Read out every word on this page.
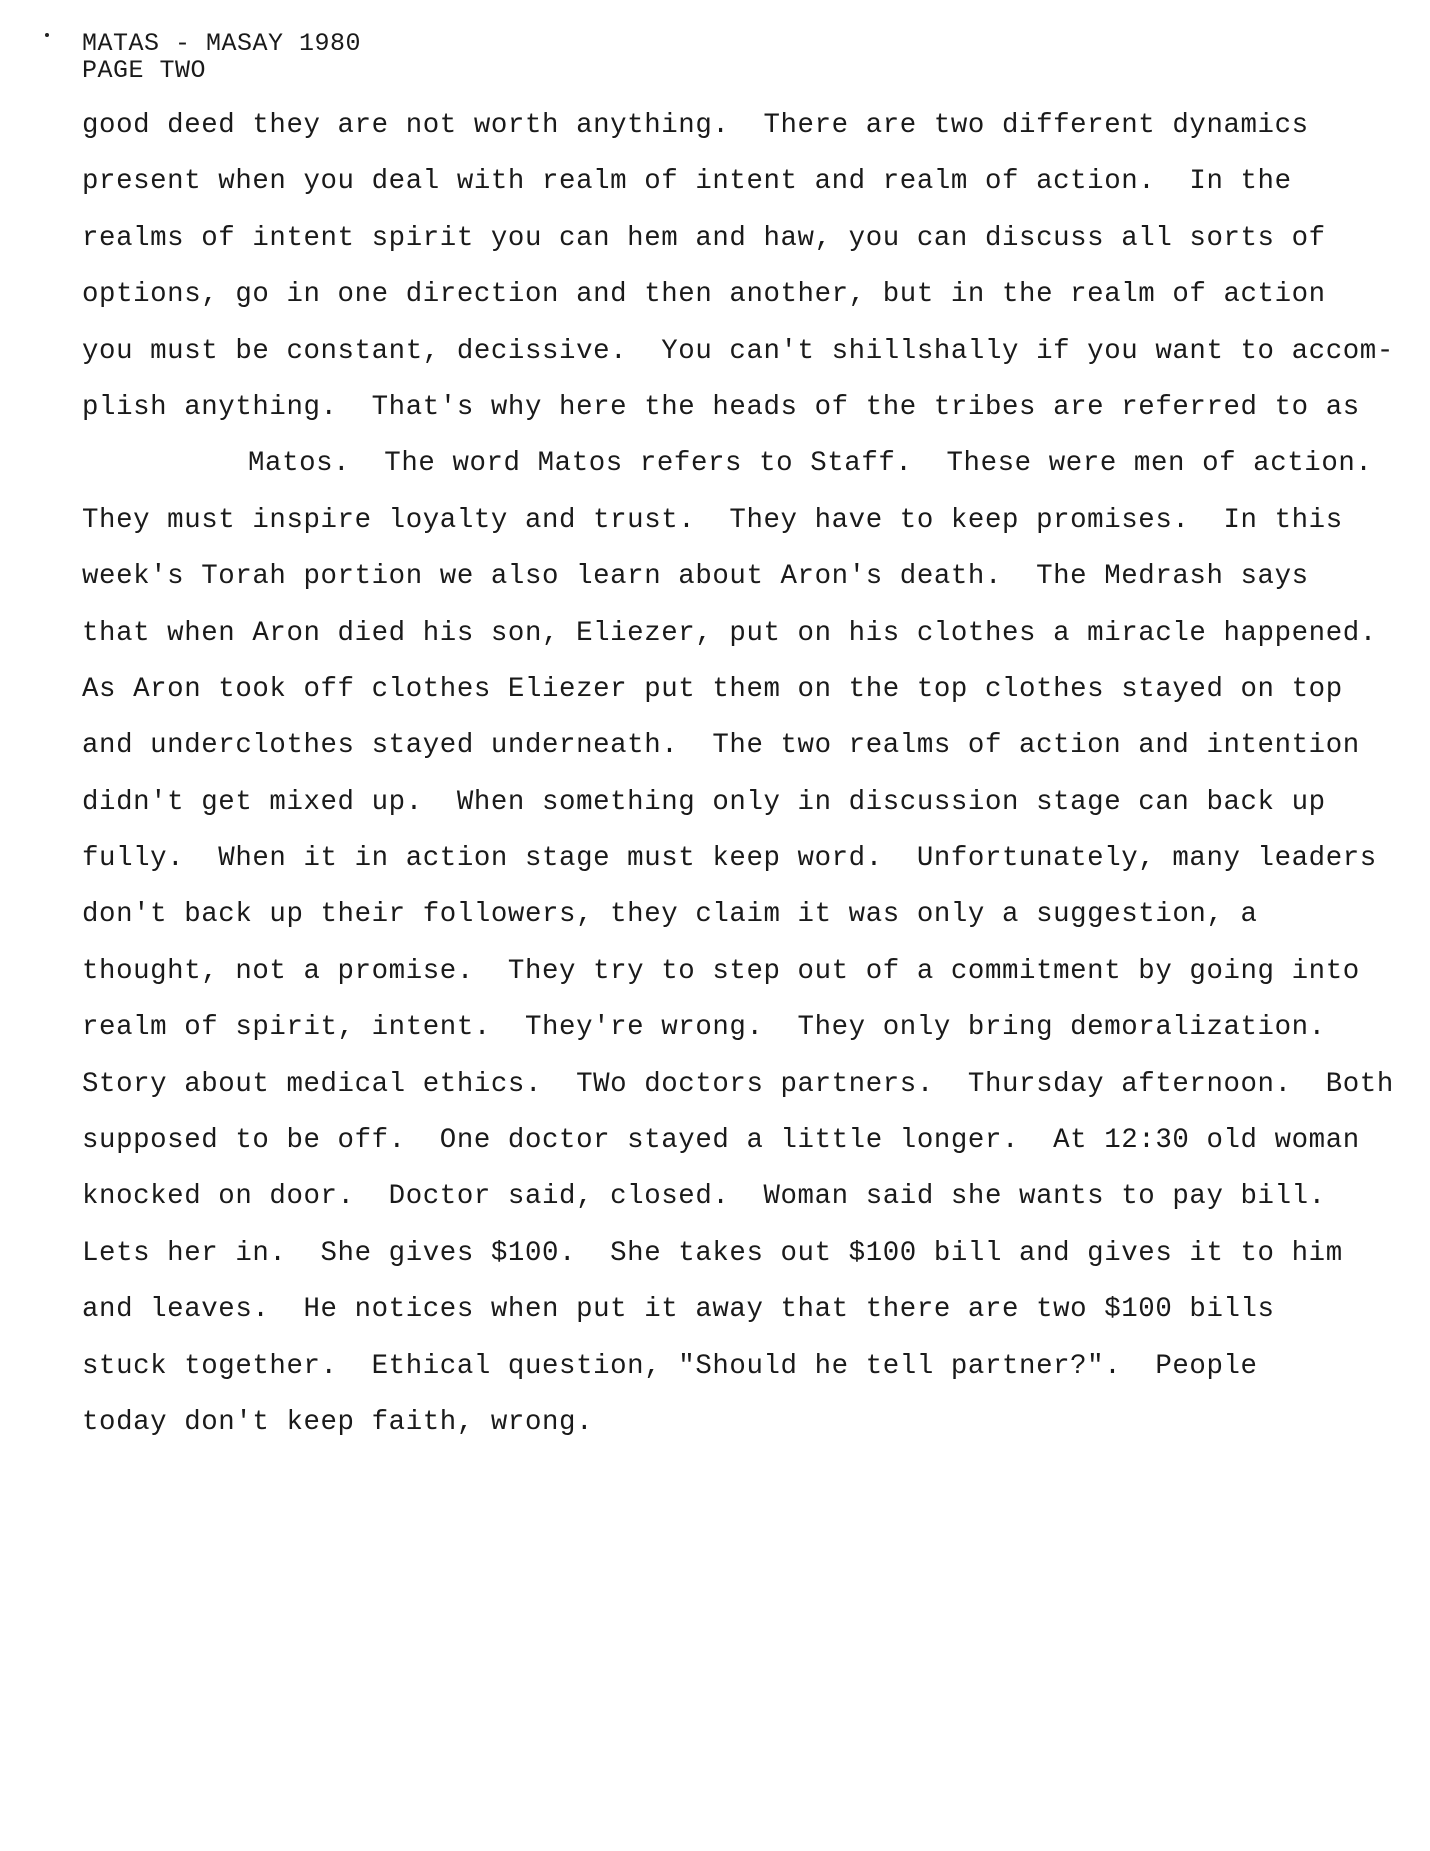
MATAS - MASAY 1980
PAGE TWO
good deed they are not worth anything.  There are two different dynamics
present when you deal with realm of intent and realm of action.  In the
realms of intent spirit you can hem and haw, you can discuss all sorts of
options, go in one direction and then another, but in the realm of action
you must be constant, decissive.  You can't shillshally if you want to accom-
plish anything.  That's why here the heads of the tribes are referred to as
Matos.  The word Matos refers to Staff.  These were men of action.
They must inspire loyalty and trust.  They have to keep promises.  In this
week's Torah portion we also learn about Aron's death.  The Medrash says
that when Aron died his son, Eliezer, put on his clothes a miracle happened.
As Aron took off clothes Eliezer put them on the top clothes stayed on top
and underclothes stayed underneath.  The two realms of action and intention
didn't get mixed up.  When something only in discussion stage can back up
fully.  When it in action stage must keep word.  Unfortunately, many leaders
don't back up their followers, they claim it was only a suggestion, a
thought, not a promise.  They try to step out of a commitment by going into
realm of spirit, intent.  They're wrong.  They only bring demoralization.
Story about medical ethics.  TWo doctors partners.  Thursday afternoon.  Both
supposed to be off.  One doctor stayed a little longer.  At 12:30 old woman
knocked on door.  Doctor said, closed.  Woman said she wants to pay bill.
Lets her in.  She gives $100.  She takes out $100 bill and gives it to him
and leaves.  He notices when put it away that there are two $100 bills
stuck together.  Ethical question, "Should he tell partner?".  People
today don't keep faith, wrong.
